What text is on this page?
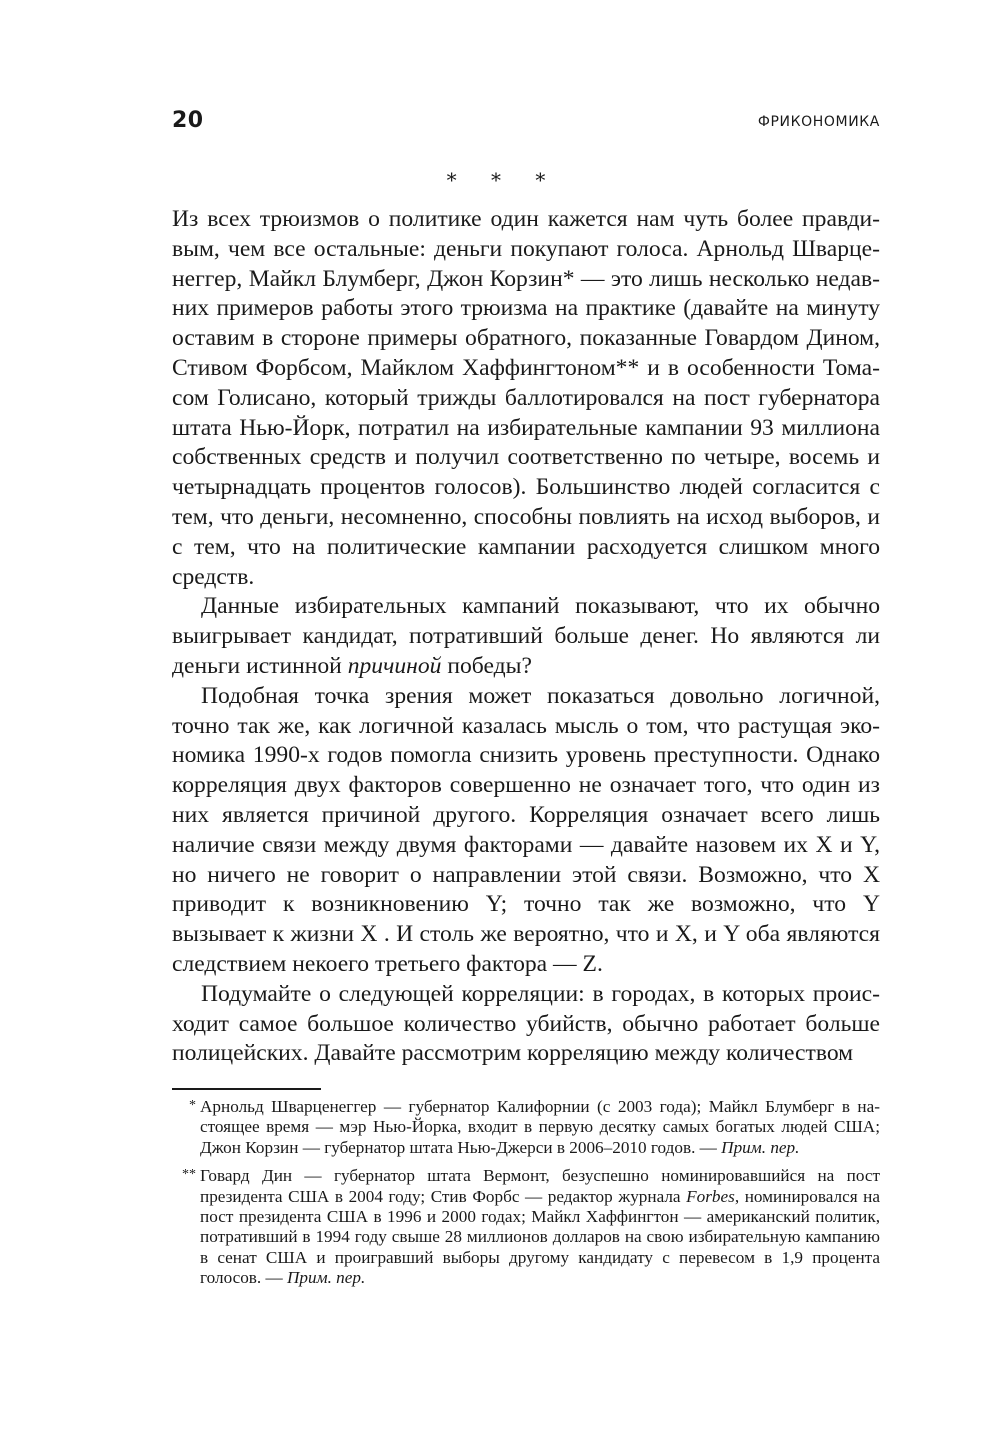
20	ФРИКОНОМИКА
* * *

Из всех трюизмов о политике один кажется нам чуть более правдивым, чем все остальные: деньги покупают голоса. Арнольд Шварценеггер, Майкл Блумберг, Джон Корзин* — это лишь несколько недавних примеров работы этого трюизма на практике (давайте на минуту оставим в стороне примеры обратного, показанные Говардом Дином, Стивом Форбсом, Майклом Хаффингтоном** и в особенности Томасом Голисано, который трижды баллотировался на пост губернатора штата Нью-Йорк, потратил на избирательные кампании 93 миллиона собственных средств и получил соответственно по четыре, восемь и четырнадцать процентов голосов). Большинство людей согласится с тем, что деньги, несомненно, способны повлиять на исход выборов, и с тем, что на политические кампании расходуется слишком много средств.

Данные избирательных кампаний показывают, что их обычно выигрывает кандидат, потративший больше денег. Но являются ли деньги истинной причиной победы?

Подобная точка зрения может показаться довольно логичной, точно так же, как логичной казалась мысль о том, что растущая экономика 1990-х годов помогла снизить уровень преступности. Однако корреляция двух факторов совершенно не означает того, что один из них является причиной другого. Корреляция означает всего лишь наличие связи между двумя факторами — давайте назовем их X и Y, но ничего не говорит о направлении этой связи. Возможно, что X приводит к возникновению Y; точно так же возможно, что Y вызывает к жизни X . И столь же вероятно, что и X, и Y оба являются следствием некоего третьего фактора — Z.

Подумайте о следующей корреляции: в городах, в которых происходит самое большое количество убийств, обычно работает больше полицейских. Давайте рассмотрим корреляцию между количеством

* Арнольд Шварценеггер — губернатор Калифорнии (с 2003 года); Майкл Блумберг в настоящее время — мэр Нью-Йорка, входит в первую десятку самых богатых людей США; Джон Корзин — губернатор штата Нью-Джерси в 2006–2010 годов. — Прим. пер.
** Говард Дин — губернатор штата Вермонт, безуспешно номинировавшийся на пост президента США в 2004 году; Стив Форбс — редактор журнала Forbes, номинировался на пост президента США в 1996 и 2000 годах; Майкл Хаффингтон — американский политик, потративший в 1994 году свыше 28 миллионов долларов на свою избирательную кампанию в сенат США и проигравший выборы другому кандидату с перевесом в 1,9 процента голосов. — Прим. пер.
